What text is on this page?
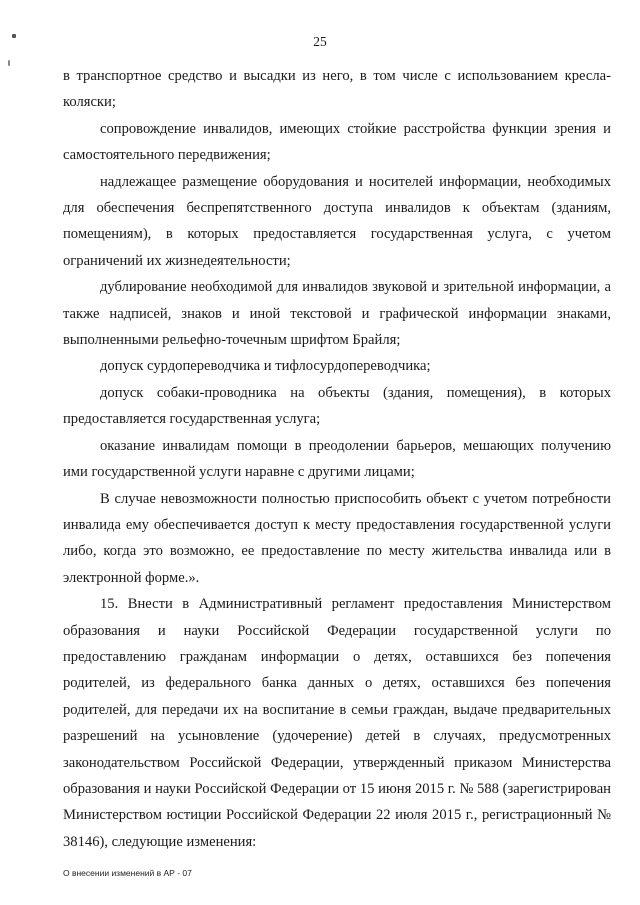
25

в транспортное средство и высадки из него, в том числе с использованием кресла-коляски;

сопровождение инвалидов, имеющих стойкие расстройства функции зрения и самостоятельного передвижения;

надлежащее размещение оборудования и носителей информации, необходимых для обеспечения беспрепятственного доступа инвалидов к объектам (зданиям, помещениям), в которых предоставляется государственная услуга, с учетом ограничений их жизнедеятельности;

дублирование необходимой для инвалидов звуковой и зрительной информации, а также надписей, знаков и иной текстовой и графической информации знаками, выполненными рельефно-точечным шрифтом Брайля;

допуск сурдопереводчика и тифлосурдопереводчика;

допуск собаки-проводника на объекты (здания, помещения), в которых предоставляется государственная услуга;

оказание инвалидам помощи в преодолении барьеров, мешающих получению ими государственной услуги наравне с другими лицами;

В случае невозможности полностью приспособить объект с учетом потребности инвалида ему обеспечивается доступ к месту предоставления государственной услуги либо, когда это возможно, ее предоставление по месту жительства инвалида или в электронной форме.».

15. Внести в Административный регламент предоставления Министерством образования и науки Российской Федерации государственной услуги по предоставлению гражданам информации о детях, оставшихся без попечения родителей, из федерального банка данных о детях, оставшихся без попечения родителей, для передачи их на воспитание в семьи граждан, выдаче предварительных разрешений на усыновление (удочерение) детей в случаях, предусмотренных законодательством Российской Федерации, утвержденный приказом Министерства образования и науки Российской Федерации от 15 июня 2015 г. № 588 (зарегистрирован Министерством юстиции Российской Федерации 22 июля 2015 г., регистрационный № 38146), следующие изменения:

О внесении изменений в АР - 07
